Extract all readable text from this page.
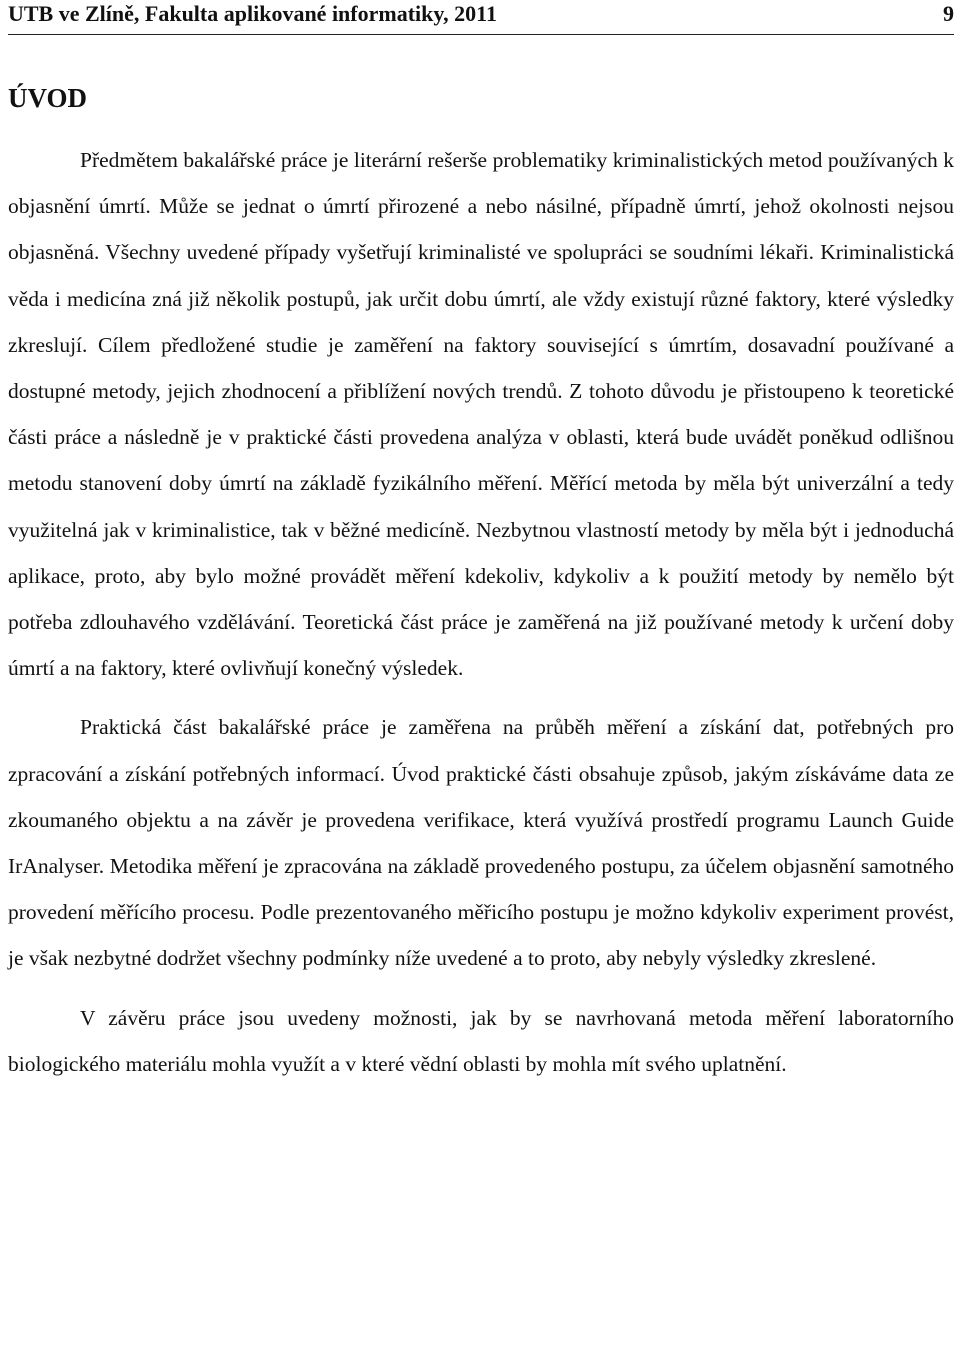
UTB ve Zlíně, Fakulta aplikované informatiky, 2011	9
ÚVOD

Předmětem bakalářské práce je literární rešerše problematiky kriminalistických metod používaných k objasnění úmrtí. Může se jednat o úmrtí přirozené a nebo násilné, případně úmrtí, jehož okolnosti nejsou objasněná. Všechny uvedené případy vyšetřují kriminalisté ve spolupráci se soudními lékaři. Kriminalistická věda i medicína zná již několik postupů, jak určit dobu úmrtí, ale vždy existují různé faktory, které výsledky zkreslují. Cílem předložené studie je zaměření na faktory související s úmrtím, dosavadní používané a dostupné metody, jejich zhodnocení a přiblížení nových trendů. Z tohoto důvodu je přistoupeno k teoretické části práce a následně je v praktické části provedena analýza v oblasti, která bude uvádět poněkud odlišnou metodu stanovení doby úmrtí na základě fyzikálního měření. Měřící metoda by měla být univerzální a tedy využitelná jak v kriminalistice, tak v běžné medicíně. Nezbytnou vlastností metody by měla být i jednoduchá aplikace, proto, aby bylo možné provádět měření kdekoliv, kdykoliv a k použití metody by nemělo být potřeba zdlouhavého vzdělávání. Teoretická část práce je zaměřená na již používané metody k určení doby úmrtí a na faktory, které ovlivňují konečný výsledek.

Praktická část bakalářské práce je zaměřena na průběh měření a získání dat, potřebných pro zpracování a získání potřebných informací. Úvod praktické části obsahuje způsob, jakým získáváme data ze zkoumaného objektu a na závěr je provedena verifikace, která využívá prostředí programu Launch Guide IrAnalyser. Metodika měření je zpracována na základě provedeného postupu, za účelem objasnění samotného provedení měřícího procesu. Podle prezentovaného měřicího postupu je možno kdykoliv experiment provést, je však nezbytné dodržet všechny podmínky níže uvedené a to proto, aby nebyly výsledky zkreslené.

V závěru práce jsou uvedeny možnosti, jak by se navrhovaná metoda měření laboratorního biologického materiálu mohla využít a v které vědní oblasti by mohla mít svého uplatnění.
